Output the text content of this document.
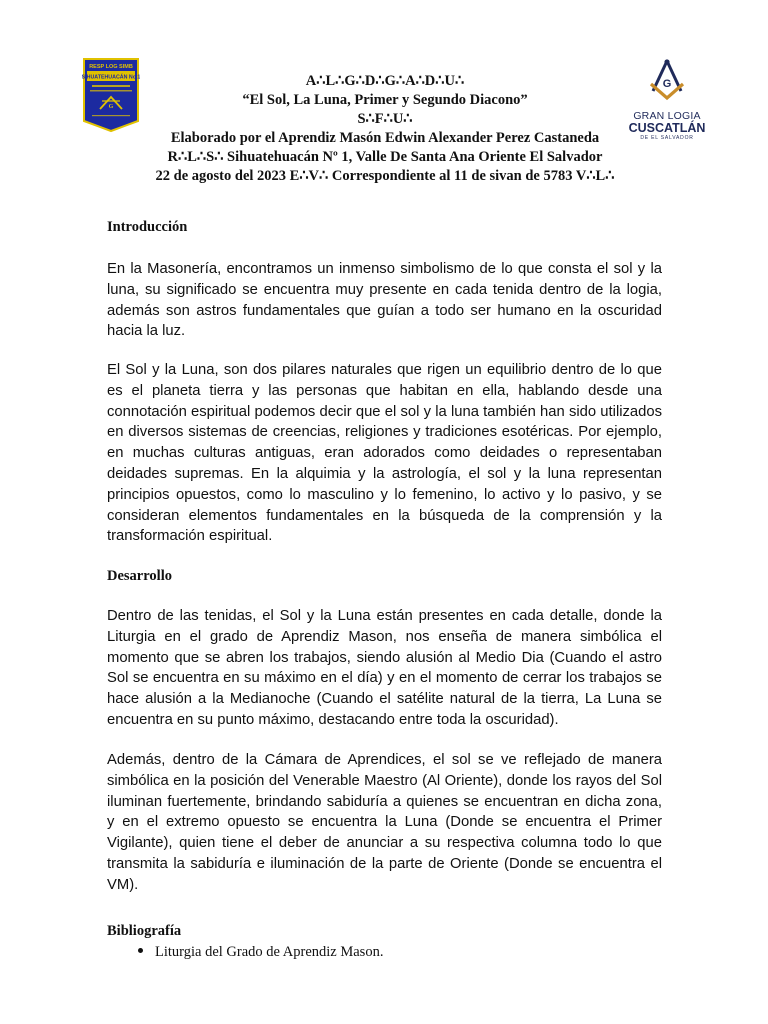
RESP LOG SIMB
SIHUATEHUACÁN No.1
G
G
GRAN LOGIA
CUSCATLÁN
DE EL SALVADOR
A∴L∴G∴D∴G∴A∴D∴U∴
“El Sol, La Luna, Primer y Segundo Diacono”
S∴F∴U∴
Elaborado por el Aprendiz Masón Edwin Alexander Perez Castaneda
R∴L∴S∴ Sihuatehuacán Nº 1, Valle De Santa Ana Oriente El Salvador
22 de agosto del 2023 E∴V∴ Correspondiente al 11 de sivan de 5783 V∴L∴
Introducción
En la Masonería, encontramos un inmenso simbolismo de lo que consta el sol y la
luna, su significado se encuentra muy presente en cada tenida dentro de la logia,
además son astros fundamentales que guían a todo ser humano en la oscuridad
hacia la luz.
El Sol y la Luna, son dos pilares naturales que rigen un equilibrio dentro de lo que
es el planeta tierra y las personas que habitan en ella, hablando desde una
connotación espiritual podemos decir que el sol y la luna también han sido utilizados
en diversos sistemas de creencias, religiones y tradiciones esotéricas. Por ejemplo,
en muchas culturas antiguas, eran adorados como deidades o representaban
deidades supremas. En la alquimia y la astrología, el sol y la luna representan
principios opuestos, como lo masculino y lo femenino, lo activo y lo pasivo, y se
consideran elementos fundamentales en la búsqueda de la comprensión y la
transformación espiritual.
Desarrollo
Dentro de las tenidas, el Sol y la Luna están presentes en cada detalle, donde la
Liturgia en el grado de Aprendiz Mason, nos enseña de manera simbólica el
momento que se abren los trabajos, siendo alusión al Medio Dia (Cuando el astro
Sol se encuentra en su máximo en el día) y en el momento de cerrar los trabajos se
hace alusión a la Medianoche (Cuando el satélite natural de la tierra, La Luna se
encuentra en su punto máximo, destacando entre toda la oscuridad).
Además, dentro de la Cámara de Aprendices, el sol se ve reflejado de manera
simbólica en la posición del Venerable Maestro (Al Oriente), donde los rayos del Sol
iluminan fuertemente, brindando sabiduría a quienes se encuentran en dicha zona,
y en el extremo opuesto se encuentra la Luna (Donde se encuentra el Primer
Vigilante), quien tiene el deber de anunciar a su respectiva columna todo lo que
transmita la sabiduría e iluminación de la parte de Oriente (Donde se encuentra el
VM).
Bibliografía
Liturgia del Grado de Aprendiz Mason.
